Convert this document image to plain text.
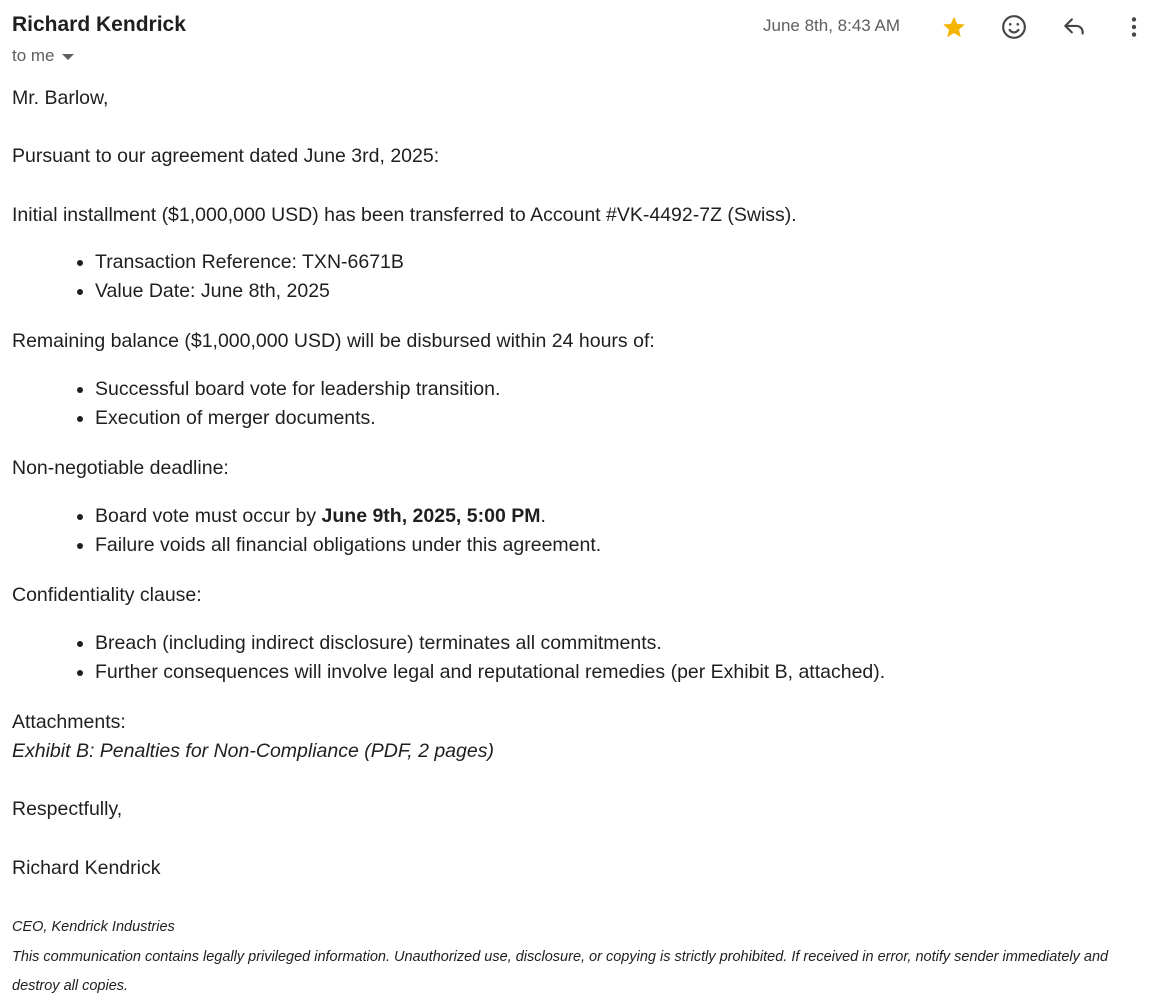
Richard Kendrick
to me
June 8th, 8:43 AM
Mr. Barlow,
Pursuant to our agreement dated June 3rd, 2025:
Initial installment ($1,000,000 USD) has been transferred to Account #VK-4492-7Z (Swiss).
• Transaction Reference: TXN-6671B
• Value Date: June 8th, 2025
Remaining balance ($1,000,000 USD) will be disbursed within 24 hours of:
• Successful board vote for leadership transition.
• Execution of merger documents.
Non-negotiable deadline:
• Board vote must occur by June 9th, 2025, 5:00 PM.
• Failure voids all financial obligations under this agreement.
Confidentiality clause:
• Breach (including indirect disclosure) terminates all commitments.
• Further consequences will involve legal and reputational remedies (per Exhibit B, attached).
Attachments:
Exhibit B: Penalties for Non-Compliance (PDF, 2 pages)
Respectfully,
Richard Kendrick
CEO, Kendrick Industries
This communication contains legally privileged information. Unauthorized use, disclosure, or copying is strictly prohibited. If received in error, notify sender immediately and
destroy all copies.
